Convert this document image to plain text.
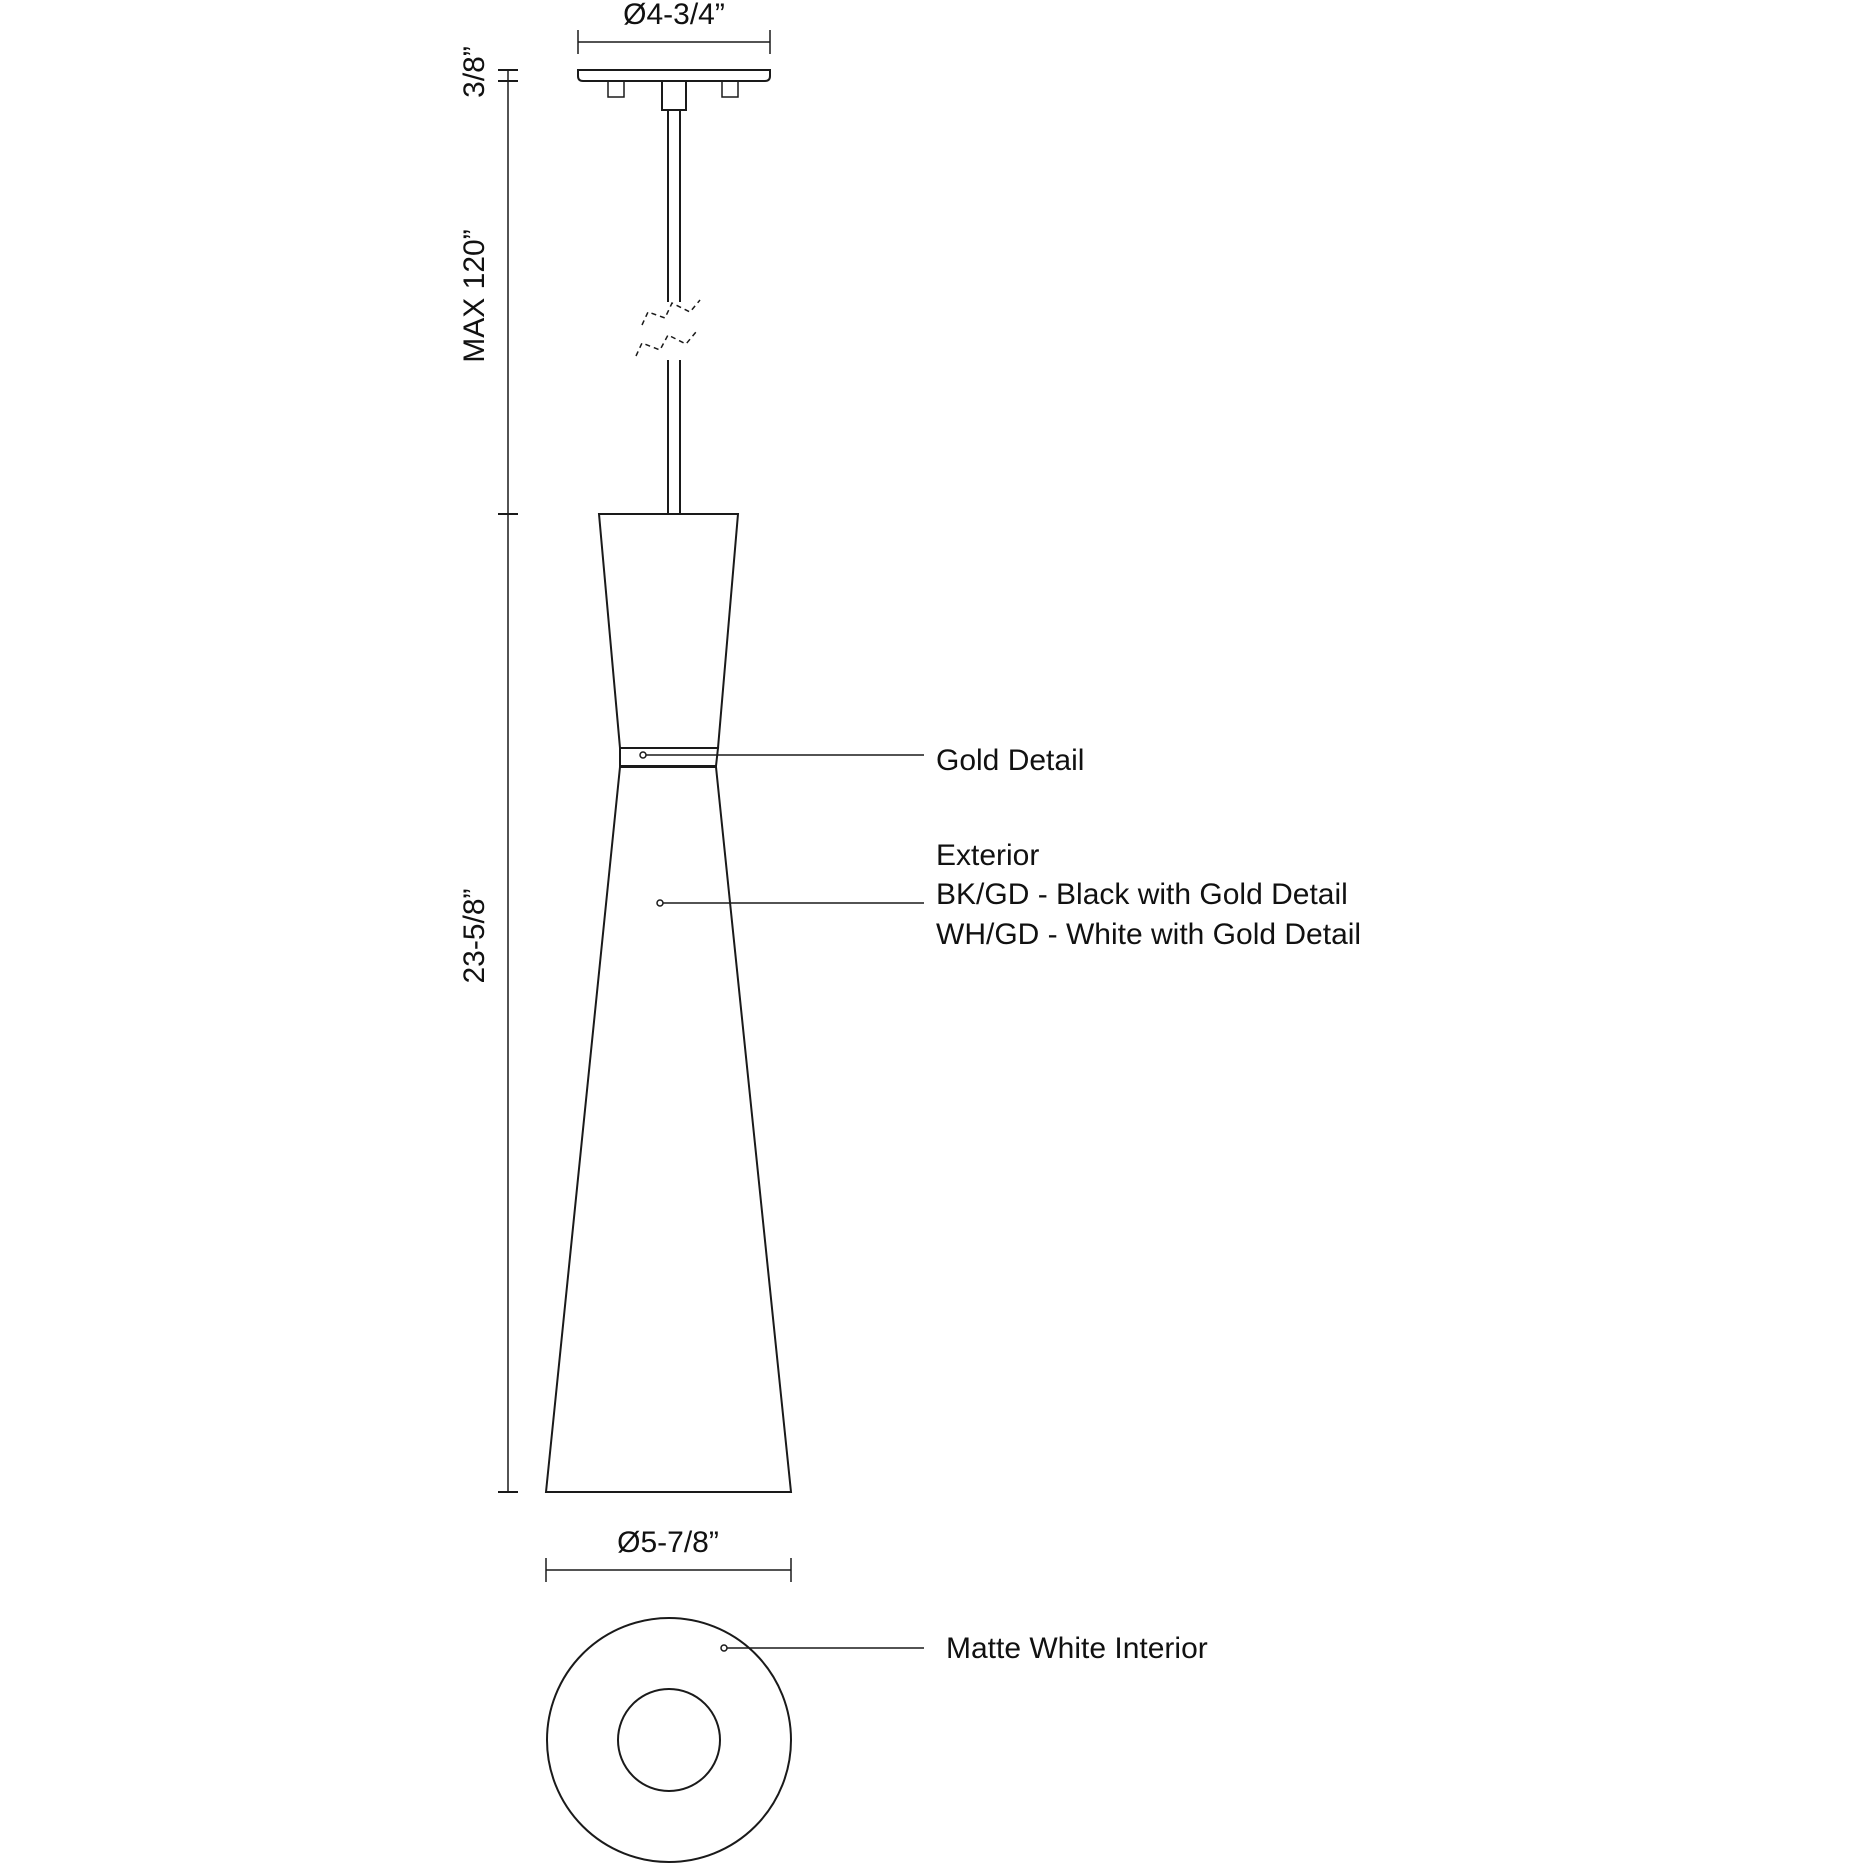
Ø4-3/4”
3/8”
MAX 120”
23-5/8”
Gold Detail
Exterior
BK/GD - Black with Gold Detail
WH/GD - White with Gold Detail
Ø5-7/8”
Matte White Interior
